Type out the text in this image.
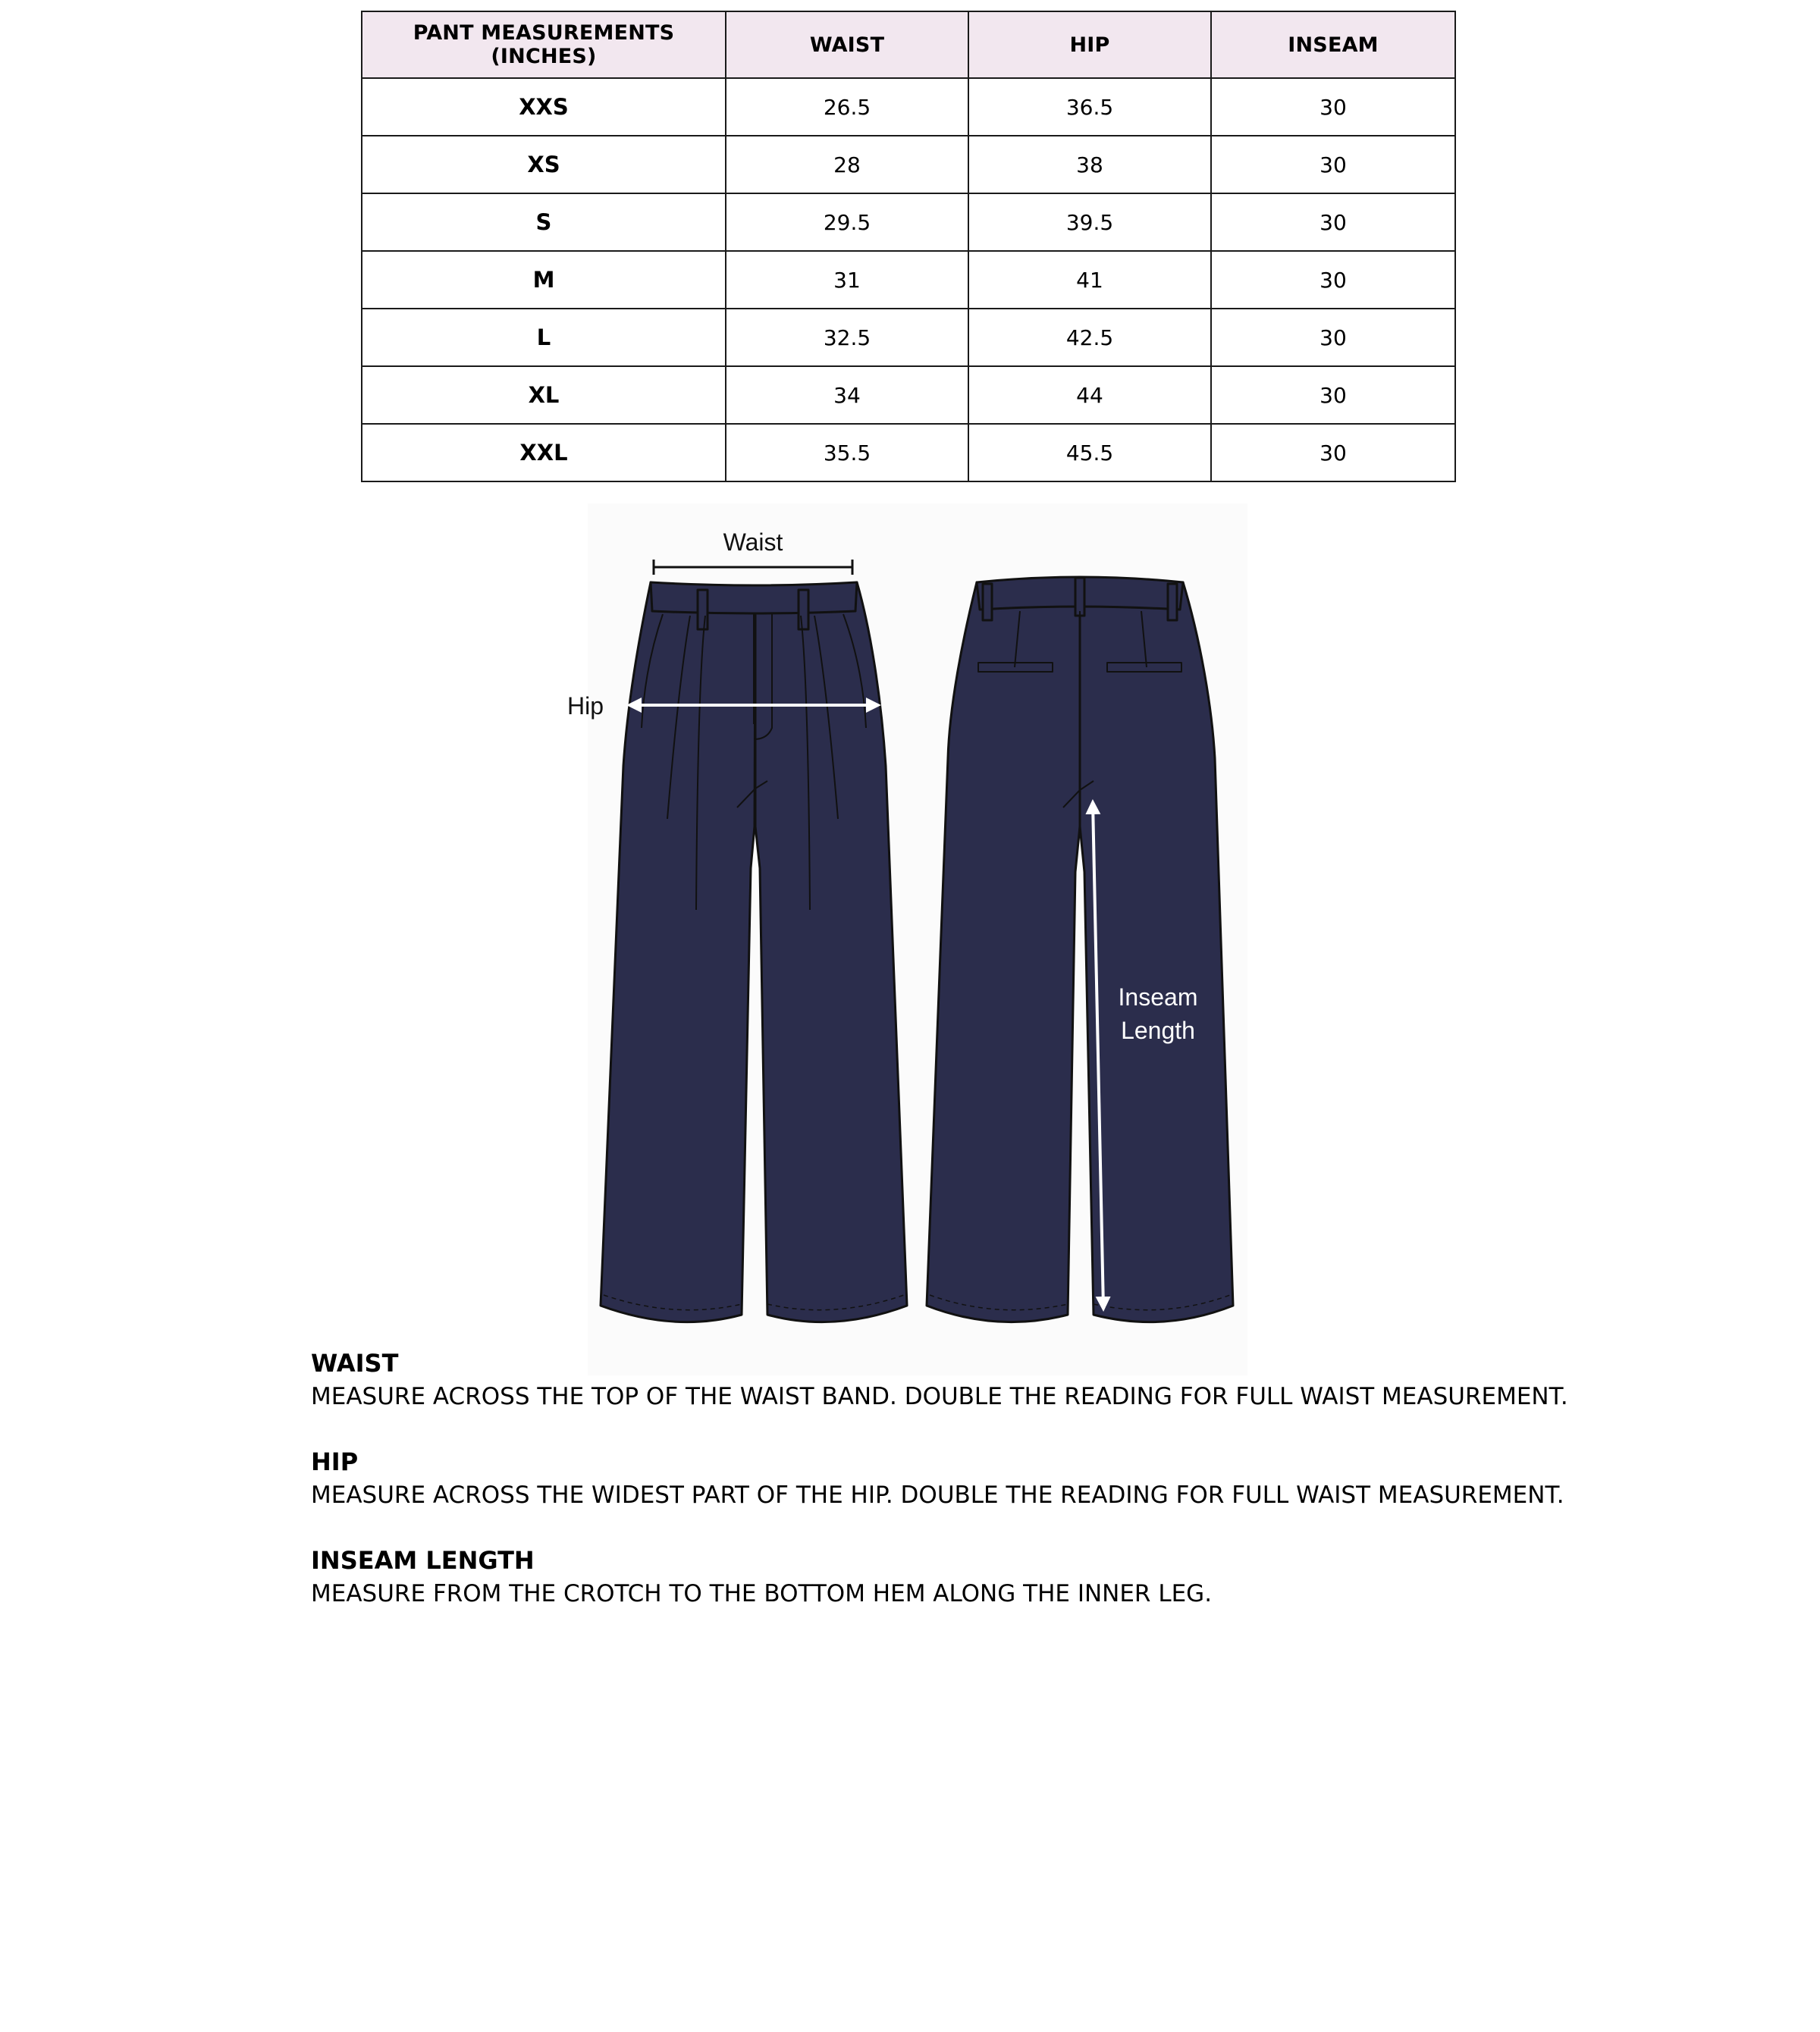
PANT MEASUREMENTS (INCHES)	WAIST	HIP	INSEAM
XXS	26.5	36.5	30
XS	28	38	30
S	29.5	39.5	30
M	31	41	30
L	32.5	42.5	30
XL	34	44	30
XXL	35.5	45.5	30
Waist
Hip
Inseam
Length
WAIST
MEASURE ACROSS THE TOP OF THE WAIST BAND. DOUBLE THE READING FOR FULL WAIST MEASUREMENT.
HIP
MEASURE ACROSS THE WIDEST PART OF THE HIP. DOUBLE THE READING FOR FULL WAIST MEASUREMENT.
INSEAM LENGTH
MEASURE FROM THE CROTCH TO THE BOTTOM HEM ALONG THE INNER LEG.
